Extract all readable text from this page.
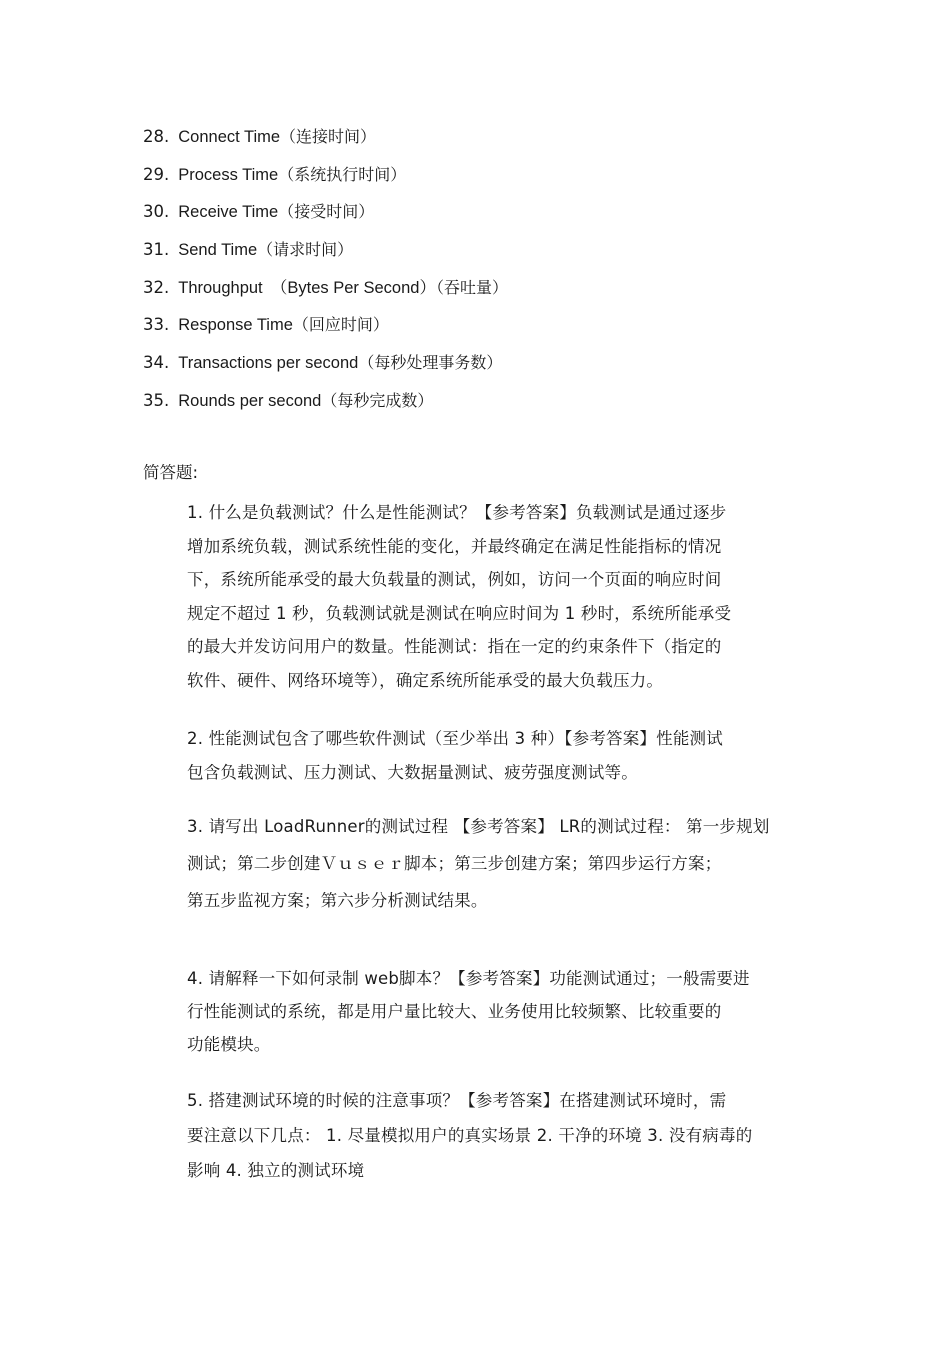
28. Connect Time（连接时间）
29. Process Time（系统执行时间）
30. Receive Time（接受时间）
31. Send Time（请求时间）
32. Throughput　（Bytes Per Second）（吞吐量）
33. Response Time（回应时间）
34. Transactions per second（每秒处理事务数）
35. Rounds per second（每秒完成数）
简答题:
1. 什么是负载测试？什么是性能测试？【参考答案】负载测试是通过逐步
增加系统负载，测试系统性能的变化，并最终确定在满足性能指标的情况
下，系统所能承受的最大负载量的测试，例如，访问一个页面的响应时间
规定不超过 1 秒，负载测试就是测试在响应时间为 1 秒时，系统所能承受
的最大并发访问用户的数量。性能测试：指在一定的约束条件下（指定的
软件、硬件、网络环境等），确定系统所能承受的最大负载压力。
2. 性能测试包含了哪些软件测试（至少举出 3 种）【参考答案】性能测试
包含负载测试、压力测试、大数据量测试、疲劳强度测试等。
3. 请写出 LoadRunner的测试过程 【参考答案】 LR的测试过程： 第一步规划
测试；第二步创建Ｖｕｓｅｒ脚本；第三步创建方案；第四步运行方案；
第五步监视方案；第六步分析测试结果。
4. 请解释一下如何录制 web脚本？【参考答案】功能测试通过；一般需要进
行性能测试的系统，都是用户量比较大、业务使用比较频繁、比较重要的
功能模块。
5. 搭建测试环境的时候的注意事项？【参考答案】在搭建测试环境时，需
要注意以下几点： 1. 尽量模拟用户的真实场景 2. 干净的环境 3. 没有病毒的
影响 4. 独立的测试环境
